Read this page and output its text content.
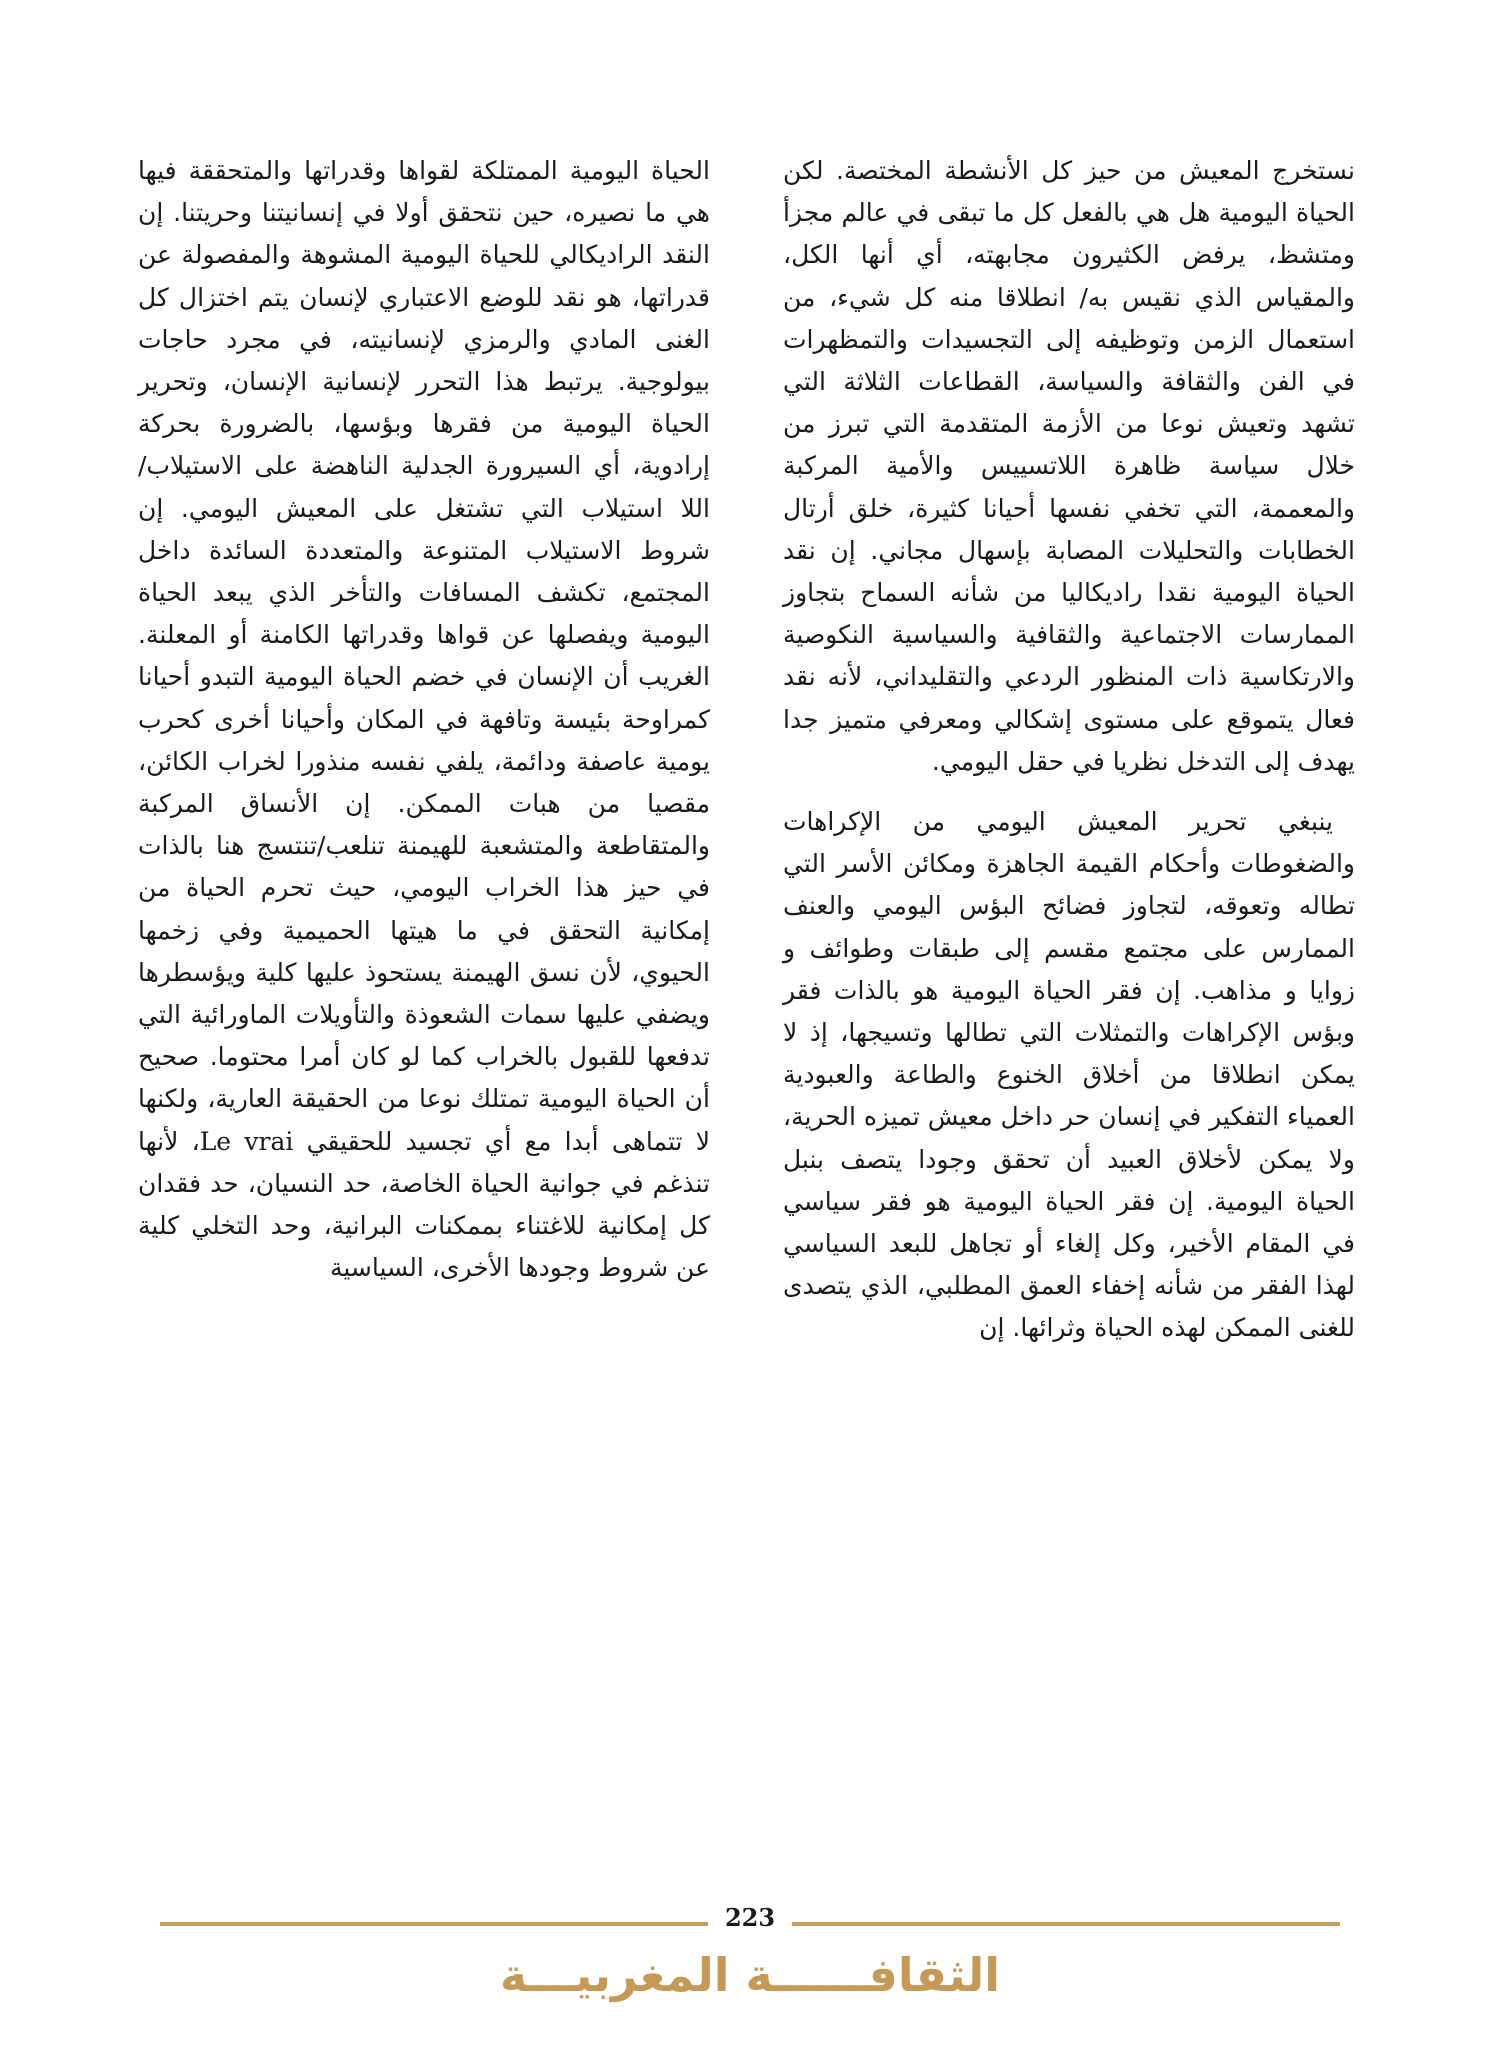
نستخرج المعيش من حيز كل الأنشطة المختصة. لكن الحياة اليومية هل هي بالفعل كل ما تبقى في عالم مجزأ ومتشظ، يرفض الكثيرون مجابهته، أي أنها الكل، والمقياس الذي نقيس به/ انطلاقا منه كل شيء، من استعمال الزمن وتوظيفه إلى التجسيدات والتمظهرات في الفن والثقافة والسياسة، القطاعات الثلاثة التي تشهد وتعيش نوعا من الأزمة المتقدمة التي تبرز من خلال سياسة ظاهرة اللاتسييس والأمية المركبة والمعممة، التي تخفي نفسها أحيانا كثيرة، خلق أرتال الخطابات والتحليلات المصابة بإسهال مجاني. إن نقد الحياة اليومية نقدا راديكاليا من شأنه السماح بتجاوز الممارسات الاجتماعية والثقافية والسياسية النكوصية والارتكاسية ذات المنظور الردعي والتقليداني، لأنه نقد فعال يتموقع على مستوى إشكالي ومعرفي متميز جدا يهدف إلى التدخل نظريا في حقل اليومي.

ينبغي تحرير المعيش اليومي من الإكراهات والضغوطات وأحكام القيمة الجاهزة ومكائن الأسر التي تطاله وتعوقه، لتجاوز فضائح البؤس اليومي والعنف الممارس على مجتمع مقسم إلى طبقات وطوائف و زوايا و مذاهب. إن فقر الحياة اليومية هو بالذات فقر وبؤس الإكراهات والتمثلات التي تطالها وتسيجها، إذ لا يمكن انطلاقا من أخلاق الخنوع والطاعة والعبودية العمياء التفكير في إنسان حر داخل معيش تميزه الحرية، ولا يمكن لأخلاق العبيد أن تحقق وجودا يتصف بنبل الحياة اليومية. إن فقر الحياة اليومية هو فقر سياسي في المقام الأخير، وكل إلغاء أو تجاهل للبعد السياسي لهذا الفقر من شأنه إخفاء العمق المطلبي، الذي يتصدى للغنى الممكن لهذه الحياة وثرائها. إن

الحياة اليومية الممتلكة لقواها وقدراتها والمتحققة فيها هي ما نصيره، حين نتحقق أولا في إنسانيتنا وحريتنا. إن النقد الراديكالي للحياة اليومية المشوهة والمفصولة عن قدراتها، هو نقد للوضع الاعتباري لإنسان يتم اختزال كل الغنى المادي والرمزي لإنسانيته، في مجرد حاجات بيولوجية. يرتبط هذا التحرر لإنسانية الإنسان، وتحرير الحياة اليومية من فقرها وبؤسها، بالضرورة بحركة إرادوية، أي السيرورة الجدلية الناهضة على الاستيلاب/اللا استيلاب التي تشتغل على المعيش اليومي. إن شروط الاستيلاب المتنوعة والمتعددة السائدة داخل المجتمع، تكشف المسافات والتأخر الذي يبعد الحياة اليومية ويفصلها عن قواها وقدراتها الكامنة أو المعلنة. الغريب أن الإنسان في خضم الحياة اليومية التبدو أحيانا كمراوحة بئيسة وتافهة في المكان وأحيانا أخرى كحرب يومية عاصفة ودائمة، يلفي نفسه منذورا لخراب الكائن، مقصيا من هبات الممكن. إن الأنساق المركبة والمتقاطعة والمتشعبة للهيمنة تنلعب/تنتسج هنا بالذات في حيز هذا الخراب اليومي، حيث تحرم الحياة من إمكانية التحقق في ما هيتها الحميمية وفي زخمها الحيوي، لأن نسق الهيمنة يستحوذ عليها كلية ويؤسطرها ويضفي عليها سمات الشعوذة والتأويلات الماورائية التي تدفعها للقبول بالخراب كما لو كان أمرا محتوما. صحيح أن الحياة اليومية تمتلك نوعا من الحقيقة العارية، ولكنها لا تتماهى أبدا مع أي تجسيد للحقيقي Le vrai، لأنها تنذغم في جوانية الحياة الخاصة، حد النسيان، حد فقدان كل إمكانية للاغتناء بممكنات البرانية، وحد التخلي كلية عن شروط وجودها الأخرى، السياسية

223
الثقافــــــة المغربيـــة
